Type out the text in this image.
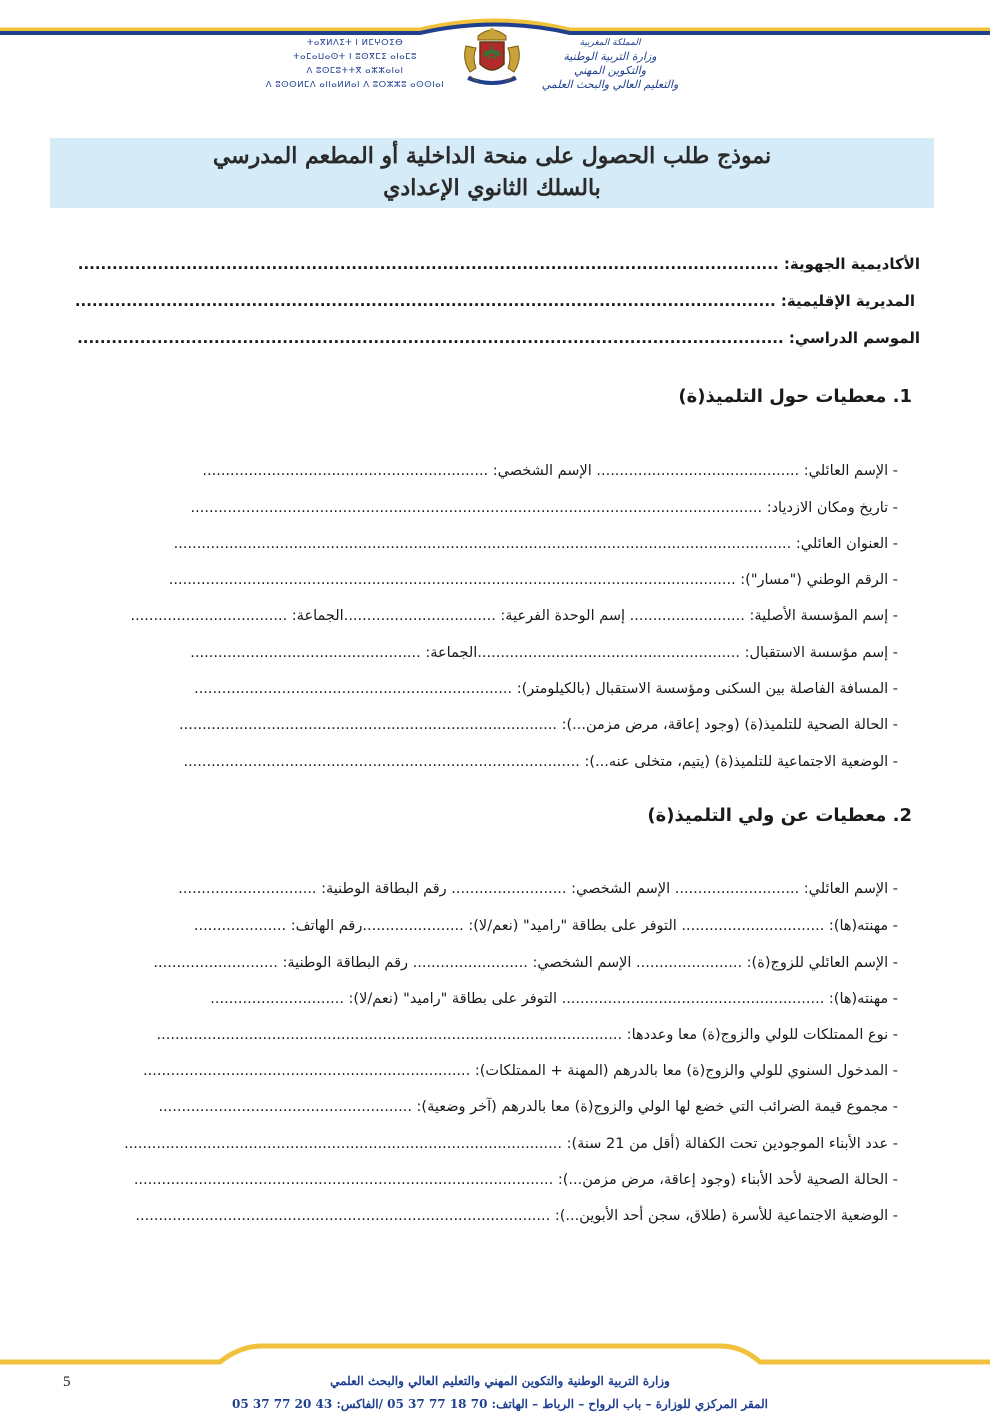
المملكة المغربية
وزارة التربية الوطنية
والتكوين المهني
والتعليم العالي والبحث العلمي
ⵜⴰⴳⵍⴷⵉⵜ ⵏ ⵍⵎⵖⵔⵉⴱ
ⵜⴰⵎⴰⵡⴰⵙⵜ ⵏ ⵓⵙⴳⵎⵉ ⴰⵏⴰⵎⵓ
ⴷ ⵓⵙⵎⵓⵜⵜⴳ ⴰⵣⵣⴰⵏⴰⵏ
ⴷ ⵓⵙⵙⵍⵎⴷ ⴰⵏⵏⴰⵍⵍⴰⵏ ⴷ ⵓⵔⵣⵣⵓ ⴰⵙⵙⵏⴰⵏ
نموذج طلب الحصول على منحة الداخلية أو المطعم المدرسي
بالسلك الثانوي الإعدادي
الأكاديمية الجهوية: ...........................................................................................................................
المديرية الإقليمية: ...........................................................................................................................
الموسم الدراسي: ............................................................................................................................
1. معطيات حول التلميذ(ة)
- الإسم العائلي: ............................................ الإسم الشخصي: ..............................................................
- تاريخ ومكان الازدياد: ............................................................................................................................
- العنوان العائلي: ......................................................................................................................................
- الرقم الوطني ("مسار"): ...........................................................................................................................
- إسم المؤسسة الأصلية: ......................... إسم الوحدة الفرعية: .................................الجماعة: ..................................
- إسم مؤسسة الاستقبال: .........................................................الجماعة: ..................................................
- المسافة الفاصلة بين السكنى ومؤسسة الاستقبال (بالكيلومتر): .....................................................................
- الحالة الصحية للتلميذ(ة) (وجود إعاقة، مرض مزمن...): ..................................................................................
- الوضعية الاجتماعية للتلميذ(ة) (يتيم، متخلى عنه...): ......................................................................................
2. معطيات عن ولي التلميذ(ة)
- الإسم العائلي: ........................... الإسم الشخصي: ......................... رقم البطاقة الوطنية: ..............................
- مهنته(ها): ............................... التوفر على بطاقة "راميد" (نعم/لا): ......................رقم الهاتف: ....................
- الإسم العائلي للزوج(ة): ....................... الإسم الشخصي: ......................... رقم البطاقة الوطنية: ...........................
- مهنته(ها): ......................................................... التوفر على بطاقة "راميد" (نعم/لا): .............................
- نوع الممتلكات للولي والزوج(ة) معا وعددها: .....................................................................................................
- المدخول السنوي للولي والزوج(ة) معا بالدرهم (المهنة + الممتلكات): .......................................................................
- مجموع قيمة الضرائب التي خضع لها الولي والزوج(ة) معا بالدرهم (آخر وضعية): .......................................................
- عدد الأبناء الموجودين تحت الكفالة (أقل من 21 سنة): ...............................................................................................
- الحالة الصحية لأحد الأبناء (وجود إعاقة، مرض مزمن...): ...........................................................................................
- الوضعية الاجتماعية للأسرة (طلاق، سجن أحد الأبوين...): ..........................................................................................
5	وزارة التربية الوطنية والتكوين المهني والتعليم العالي والبحث العلمي
المقر المركزي للوزارة – باب الرواح – الرباط – الهاتف: 70 18 77 37 05 /الفاكس: 43 20 77 37 05
